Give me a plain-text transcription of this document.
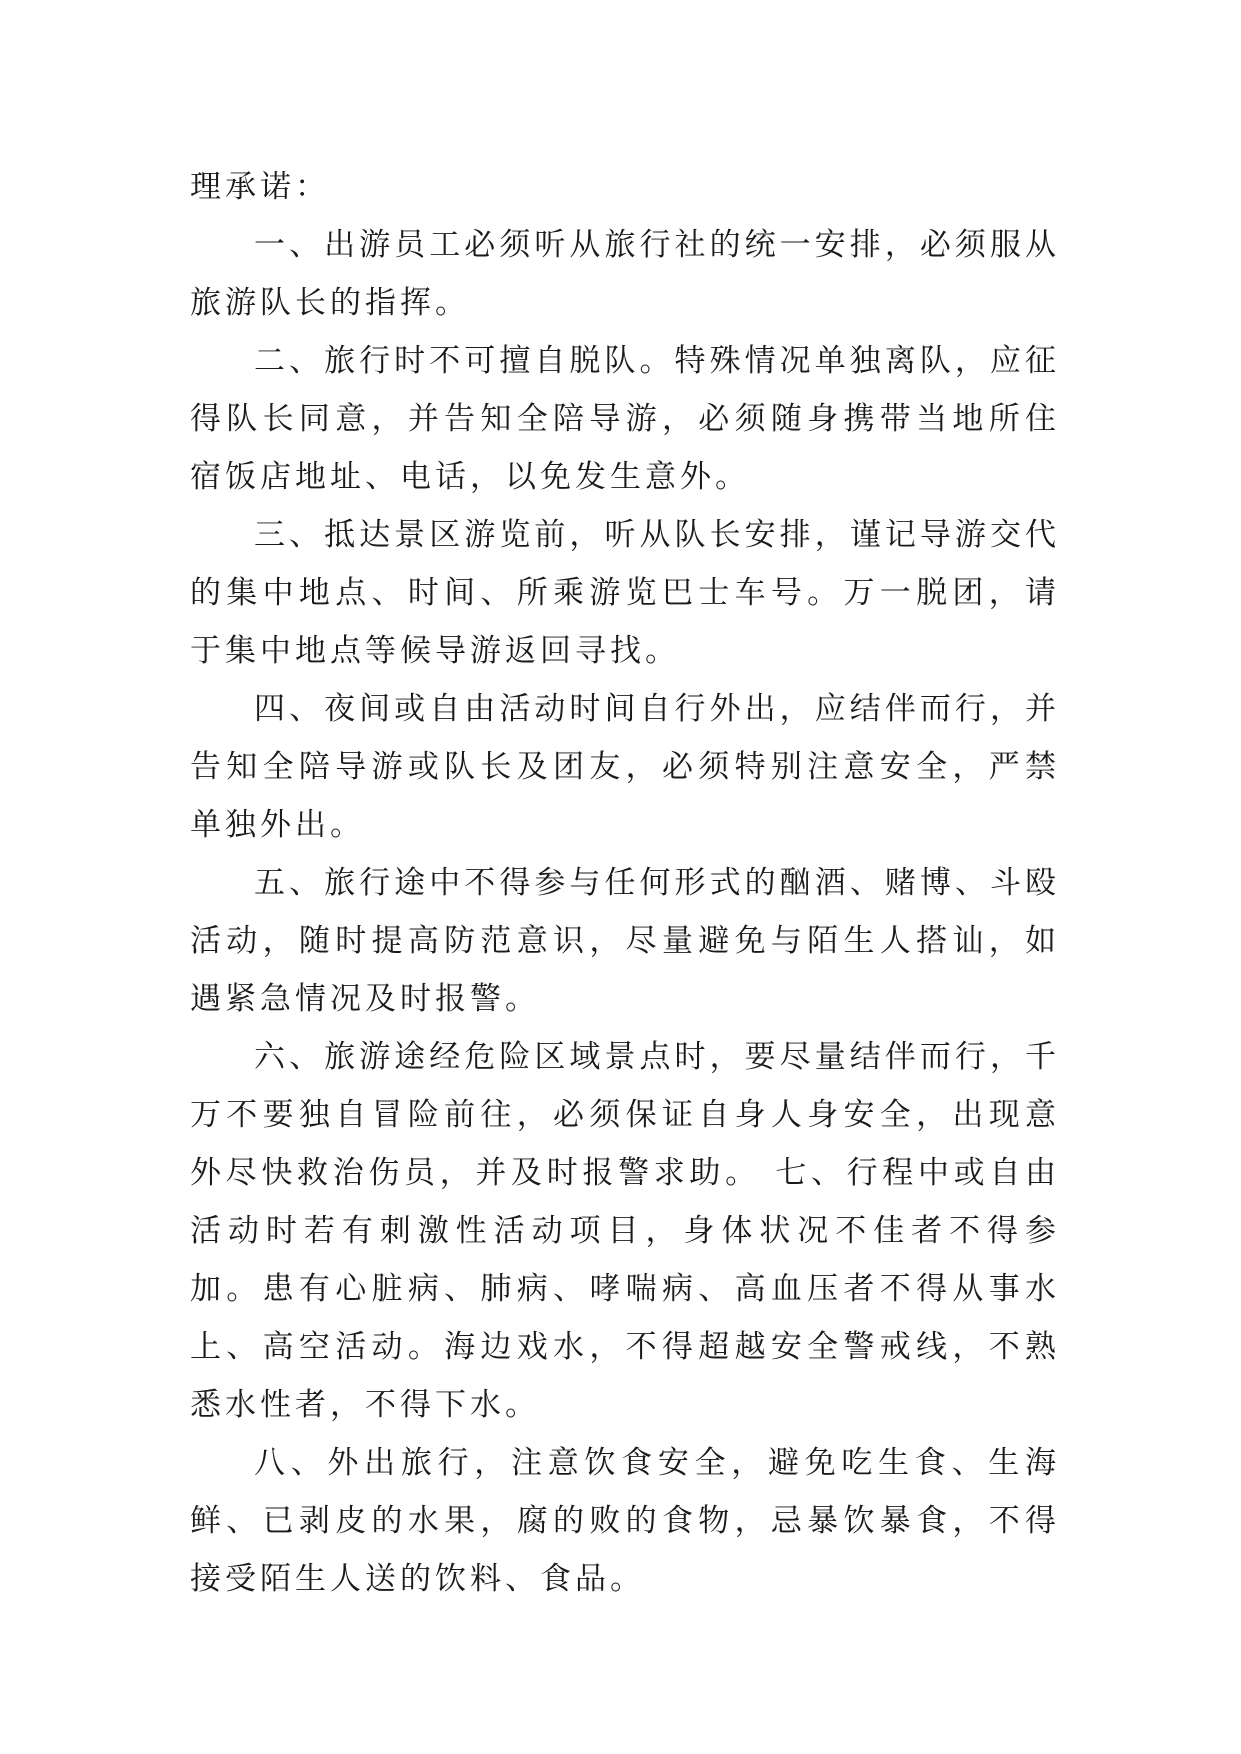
理承诺：

一、出游员工必须听从旅行社的统一安排，必须服从旅游队长的指挥。

二、旅行时不可擅自脱队。特殊情况单独离队，应征得队长同意，并告知全陪导游，必须随身携带当地所住宿饭店地址、电话，以免发生意外。

三、抵达景区游览前，听从队长安排，谨记导游交代的集中地点、时间、所乘游览巴士车号。万一脱团，请于集中地点等候导游返回寻找。

四、夜间或自由活动时间自行外出，应结伴而行，并告知全陪导游或队长及团友，必须特别注意安全，严禁单独外出。

五、旅行途中不得参与任何形式的酗酒、赌博、斗殴活动，随时提高防范意识，尽量避免与陌生人搭讪，如遇紧急情况及时报警。

六、旅游途经危险区域景点时，要尽量结伴而行，千万不要独自冒险前往，必须保证自身人身安全，出现意外尽快救治伤员，并及时报警求助。 七、行程中或自由活动时若有刺激性活动项目，身体状况不佳者不得参加。患有心脏病、肺病、哮喘病、高血压者不得从事水上、高空活动。海边戏水，不得超越安全警戒线，不熟悉水性者，不得下水。

八、外出旅行，注意饮食安全，避免吃生食、生海鲜、已剥皮的水果，腐的败的食物，忌暴饮暴食，不得接受陌生人送的饮料、食品。
